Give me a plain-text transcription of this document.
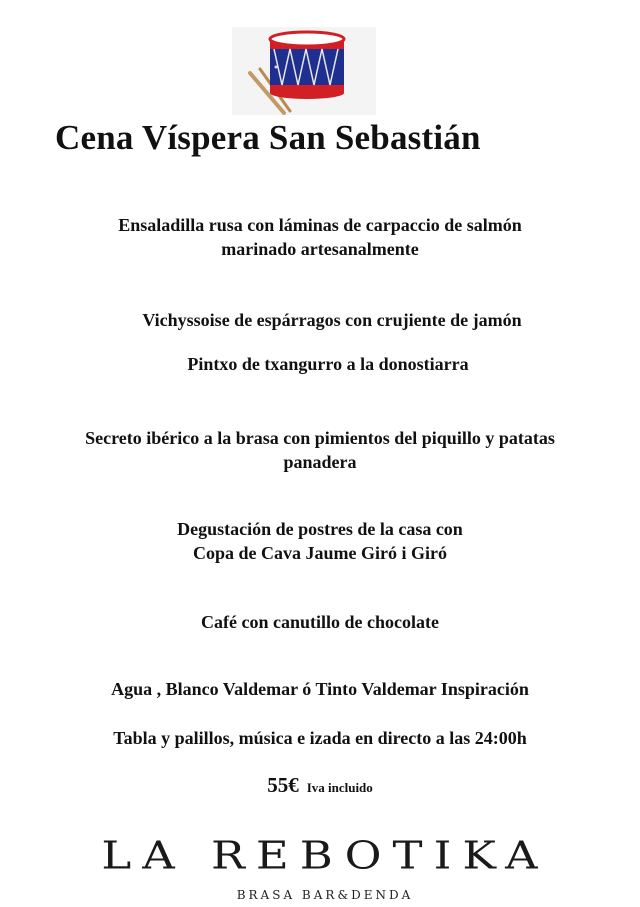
Cena Víspera San Sebastián
Ensaladilla rusa con láminas de carpaccio de salmón
marinado artesanalmente
Vichyssoise de espárragos con crujiente de jamón
Pintxo de txangurro a la donostiarra
Secreto ibérico a la brasa con pimientos del piquillo y patatas
panadera
Degustación de postres de la casa con
Copa de Cava Jaume Giró i Giró
Café con canutillo de chocolate
Agua , Blanco Valdemar ó Tinto Valdemar Inspiración
Tabla y palillos, música e izada en directo a las 24:00h
55€ Iva incluido
LA REBOTIKA
BRASA BAR&DENDA
